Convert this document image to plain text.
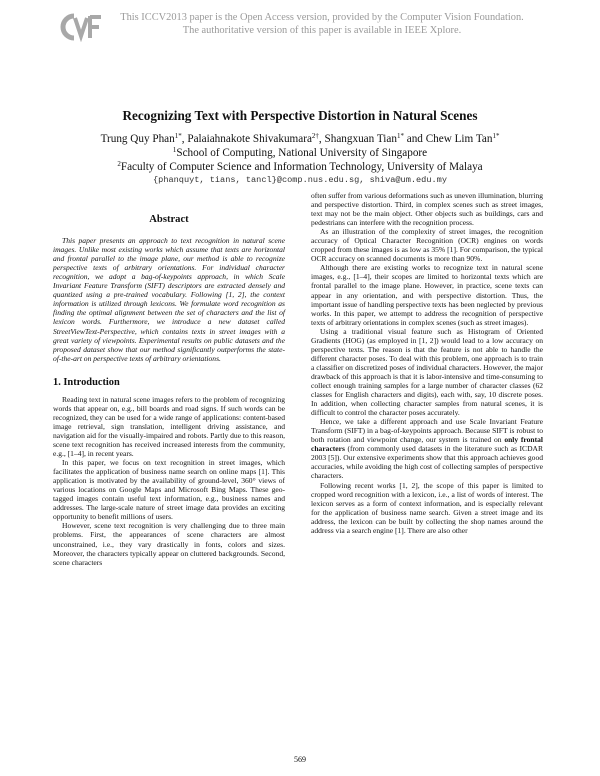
This ICCV2013 paper is the Open Access version, provided by the Computer Vision Foundation.
The authoritative version of this paper is available in IEEE Xplore.
Recognizing Text with Perspective Distortion in Natural Scenes
Trung Quy Phan$^{1*}$, Palaiahnakote Shivakumara$^{2\dagger}$, Shangxuan Tian$^{1*}$ and Chew Lim Tan$^{1*}$
$^1$School of Computing, National University of Singapore
$^2$Faculty of Computer Science and Information Technology, University of Malaya
{phanquyt, tians, tancl}@comp.nus.edu.sg, shiva@um.edu.my
Abstract

This paper presents an approach to text recognition in natural scene images. Unlike most existing works which assume that texts are horizontal and frontal parallel to the image plane, our method is able to recognize perspective texts of arbitrary orientations. For individual character recognition, we adopt a bag-of-keypoints approach, in which Scale Invariant Feature Transform (SIFT) descriptors are extracted densely and quantized using a pre-trained vocabulary. Following [1, 2], the context information is utilized through lexicons. We formulate word recognition as finding the optimal alignment between the set of characters and the list of lexicon words. Furthermore, we introduce a new dataset called StreetViewText-Perspective, which contains texts in street images with a great variety of viewpoints. Experimental results on public datasets and the proposed dataset show that our method significantly outperforms the state-of-the-art on perspective texts of arbitrary orientations.

1. Introduction

Reading text in natural scene images refers to the problem of recognizing words that appear on, e.g., bill boards and road signs. If such words can be recognized, they can be used for a wide range of applications: content-based image retrieval, sign translation, intelligent driving assistance, and navigation aid for the visually-impaired and robots. Partly due to this reason, scene text recognition has received increased interests from the community, e.g., [1–4], in recent years.

In this paper, we focus on text recognition in street images, which facilitates the application of business name search on online maps [1]. This application is motivated by the availability of ground-level, 360° views of various locations on Google Maps and Microsoft Bing Maps. These geo-tagged images contain useful text information, e.g., business names and addresses. The large-scale nature of street image data provides an exciting opportunity to benefit millions of users.

However, scene text recognition is very challenging due to three main problems. First, the appearances of scene characters are almost unconstrained, i.e., they vary drastically in fonts, colors and sizes. Moreover, the characters typically appear on cluttered backgrounds. Second, scene characters

often suffer from various deformations such as uneven illumination, blurring and perspective distortion. Third, in complex scenes such as street images, text may not be the main object. Other objects such as buildings, cars and pedestrians can interfere with the recognition process.

As an illustration of the complexity of street images, the recognition accuracy of Optical Character Recognition (OCR) engines on words cropped from these images is as low as 35% [1]. For comparison, the typical OCR accuracy on scanned documents is more than 90%.

Although there are existing works to recognize text in natural scene images, e.g., [1–4], their scopes are limited to horizontal texts which are frontal parallel to the image plane. However, in practice, scene texts can appear in any orientation, and with perspective distortion. Thus, the important issue of handling perspective texts has been neglected by previous works. In this paper, we attempt to address the recognition of perspective texts of arbitrary orientations in complex scenes (such as street images).

Using a traditional visual feature such as Histogram of Oriented Gradients (HOG) (as employed in [1, 2]) would lead to a low accuracy on perspective texts. The reason is that the feature is not able to handle the different character poses. To deal with this problem, one approach is to train a classifier on discretized poses of individual characters. However, the major drawback of this approach is that it is labor-intensive and time-consuming to collect enough training samples for a large number of character classes (62 classes for English characters and digits), each with, say, 10 discrete poses. In addition, when collecting character samples from natural scenes, it is difficult to control the character poses accurately.

Hence, we take a different approach and use Scale Invariant Feature Transform (SIFT) in a bag-of-keypoints approach. Because SIFT is robust to both rotation and viewpoint change, our system is trained on only frontal characters (from commonly used datasets in the literature such as ICDAR 2003 [5]). Our extensive experiments show that this approach achieves good accuracies, while avoiding the high cost of collecting samples of perspective characters.

Following recent works [1, 2], the scope of this paper is limited to cropped word recognition with a lexicon, i.e., a list of words of interest. The lexicon serves as a form of context information, and is especially relevant for the application of business name search. Given a street image and its address, the lexicon can be built by collecting the shop names around the address via a search engine [1]. There are also other

569
